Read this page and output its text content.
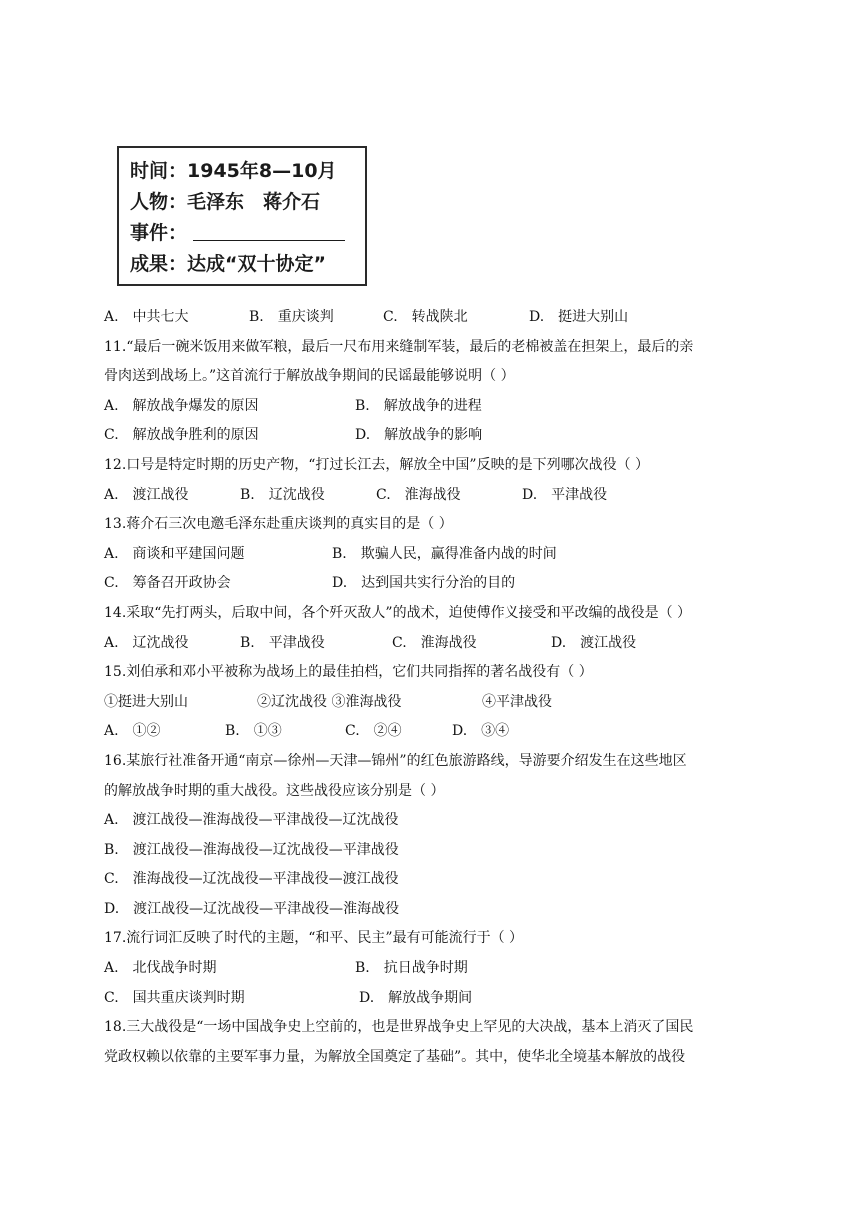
时间：1945年8—10月
人物：毛泽东　蒋介石
事件：
成果：达成“双十协定”
A.　中共七大	B.　重庆谈判	C.　转战陕北	D.　挺进大别山
11.“最后一碗米饭用来做军粮，最后一尺布用来缝制军装，最后的老棉被盖在担架上，最后的亲
骨肉送到战场上。”这首流行于解放战争期间的民谣最能够说明（ ）
A.　解放战争爆发的原因	B.　解放战争的进程
C.　解放战争胜利的原因	D.　解放战争的影响
12.口号是特定时期的历史产物，“打过长江去，解放全中国”反映的是下列哪次战役（ ）
A.　渡江战役	B.　辽沈战役	C.　淮海战役	D.　平津战役
13.蒋介石三次电邀毛泽东赴重庆谈判的真实目的是（ ）
A.　商谈和平建国问题	B.　欺骗人民，赢得准备内战的时间
C.　筹备召开政协会	D.　达到国共实行分治的目的
14.采取“先打两头，后取中间，各个歼灭敌人”的战术，迫使傅作义接受和平改编的战役是（ ）
A.　辽沈战役	B.　平津战役	C.　淮海战役	D.　渡江战役
15.刘伯承和邓小平被称为战场上的最佳拍档，它们共同指挥的著名战役有（ ）
①挺进大别山	②辽沈战役 ③淮海战役	④平津战役
A.　①②	B.　①③	C.　②④	D.　③④
16.某旅行社准备开通“南京—徐州—天津—锦州”的红色旅游路线，导游要介绍发生在这些地区
的解放战争时期的重大战役。这些战役应该分别是（ ）
A.　渡江战役—淮海战役—平津战役—辽沈战役
B.　渡江战役—淮海战役—辽沈战役—平津战役
C.　淮海战役—辽沈战役—平津战役—渡江战役
D.　渡江战役—辽沈战役—平津战役—淮海战役
17.流行词汇反映了时代的主题，“和平、民主”最有可能流行于（ ）
A.　北伐战争时期	B.　抗日战争时期
C.　国共重庆谈判时期	D.　解放战争期间
18.三大战役是“一场中国战争史上空前的，也是世界战争史上罕见的大决战，基本上消灭了国民
党政权赖以依靠的主要军事力量，为解放全国奠定了基础”。其中，使华北全境基本解放的战役
